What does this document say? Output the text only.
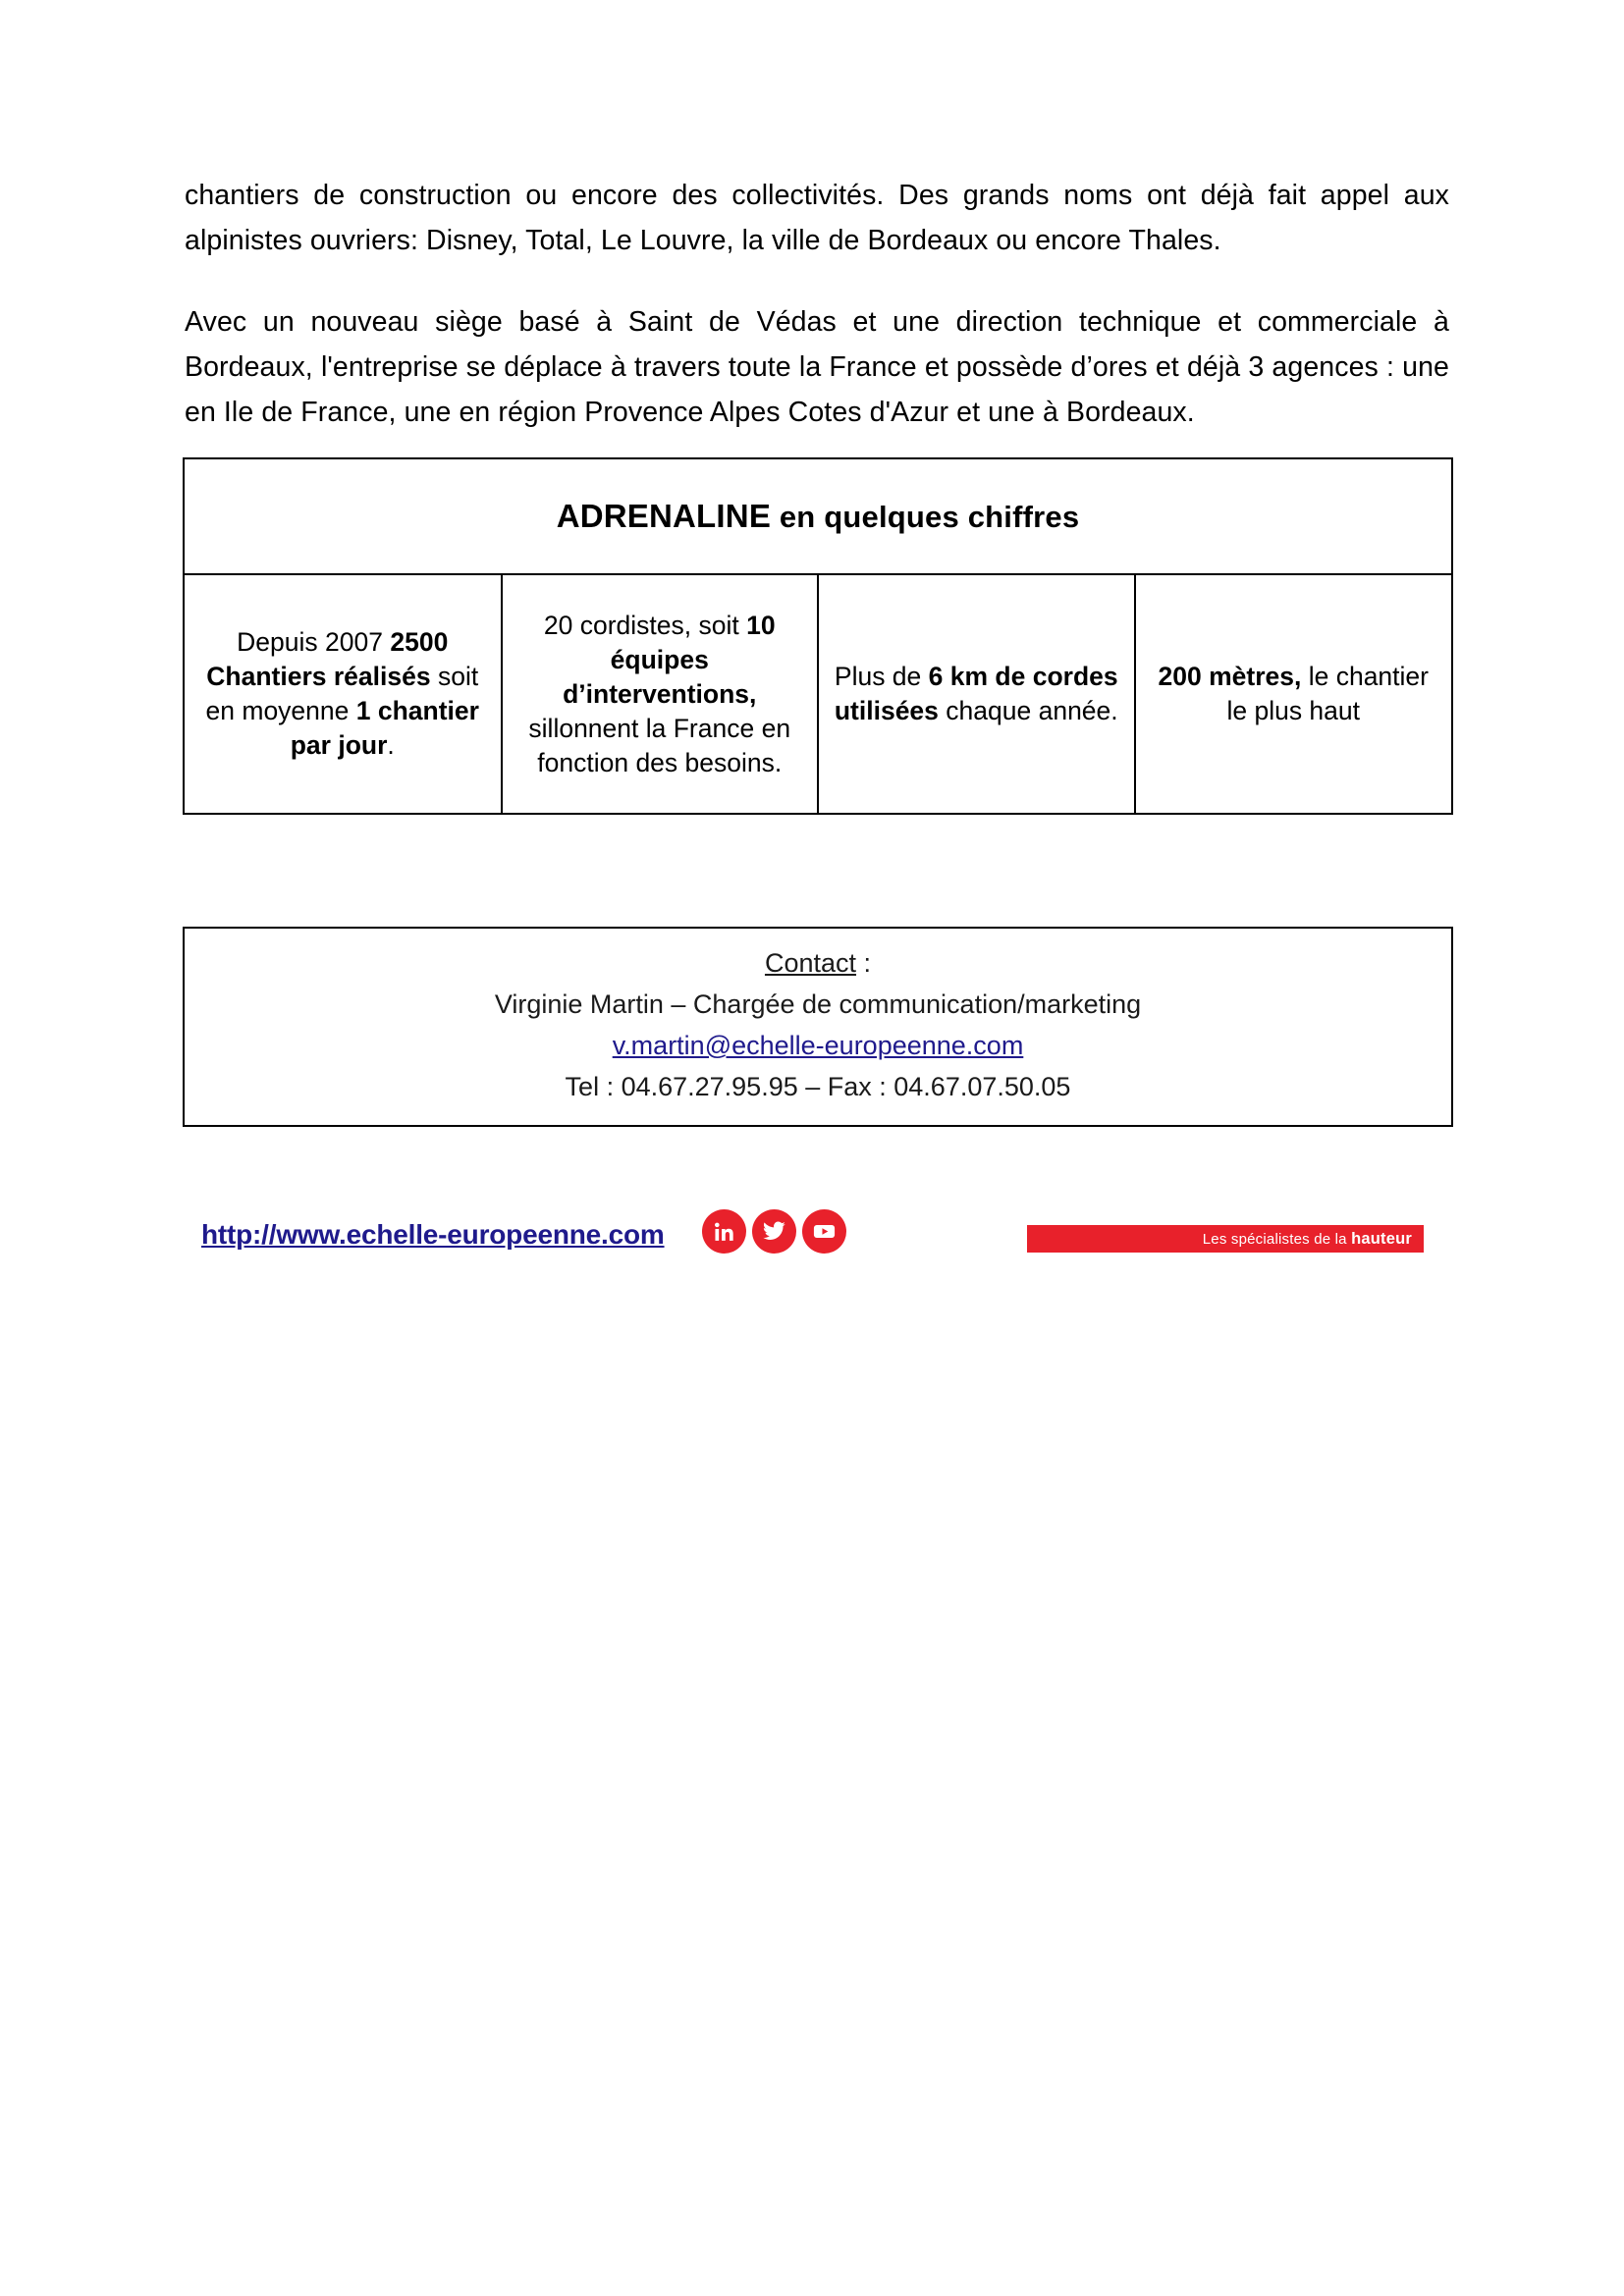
chantiers de construction ou encore des collectivités. Des grands noms ont déjà fait appel aux alpinistes ouvriers: Disney, Total, Le Louvre, la ville de Bordeaux ou encore Thales.

Avec un nouveau siège basé à Saint de Védas et une direction technique et commerciale à Bordeaux, l'entreprise se déplace à travers toute la France et possède d’ores et déjà 3 agences : une en Ile de France, une en région Provence Alpes Cotes d'Azur et une à Bordeaux.

ADRENALINE en quelques chiffres

Depuis 2007 2500 Chantiers réalisés soit en moyenne 1 chantier par jour.	20 cordistes, soit 10 équipes d’interventions, sillonnent la France en fonction des besoins.	Plus de 6 km de cordes utilisées chaque année.	200 mètres, le chantier le plus haut
Contact :
Virginie Martin – Chargée de communication/marketing
v.martin@echelle-europeenne.com
Tel : 04.67.27.95.95 – Fax : 04.67.07.50.05
http://www.echelle-europeenne.com	Les spécialistes de la hauteur
